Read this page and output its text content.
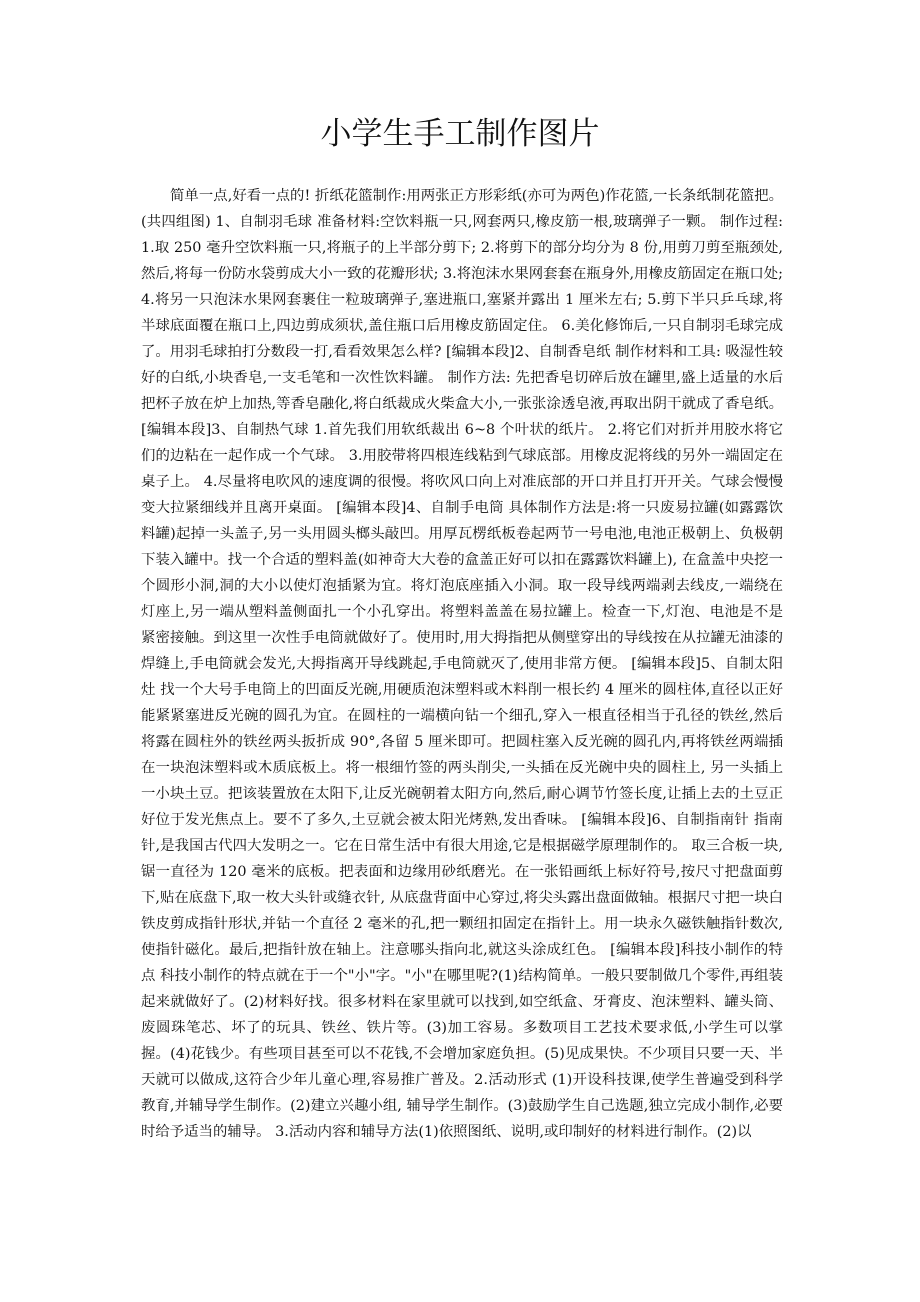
小学生手工制作图片

简单一点,好看一点的! 折纸花篮制作:用两张正方形彩纸(亦可为两色)作花篮,一长条纸制花篮把。 (共四组图) 1、自制羽毛球 准备材料:空饮料瓶一只,网套两只,橡皮筋一根,玻璃弹子一颗。 制作过程: 1.取 250 毫升空饮料瓶一只,将瓶子的上半部分剪下; 2.将剪下的部分均分为 8 份,用剪刀剪至瓶颈处,然后,将每一份防水袋剪成大小一致的花瓣形状; 3.将泡沫水果网套套在瓶身外,用橡皮筋固定在瓶口处; 4.将另一只泡沫水果网套裹住一粒玻璃弹子,塞进瓶口,塞紧并露出 1 厘米左右; 5.剪下半只乒乓球,将半球底面覆在瓶口上,四边剪成须状,盖住瓶口后用橡皮筋固定住。 6.美化修饰后,一只自制羽毛球完成了。用羽毛球拍打分数段一打,看看效果怎么样? [编辑本段]2、自制香皂纸 制作材料和工具: 吸湿性较好的白纸,小块香皂,一支毛笔和一次性饮料罐。 制作方法: 先把香皂切碎后放在罐里,盛上适量的水后把杯子放在炉上加热,等香皂融化,将白纸裁成火柴盒大小,一张张涂透皂液,再取出阴干就成了香皂纸。 [编辑本段]3、自制热气球 1.首先我们用软纸裁出 6~8 个叶状的纸片。 2.将它们对折并用胶水将它们的边粘在一起作成一个气球。 3.用胶带将四根连线粘到气球底部。用橡皮泥将线的另外一端固定在桌子上。 4.尽量将电吹风的速度调的很慢。将吹风口向上对准底部的开口并且打开开关。气球会慢慢变大拉紧细线并且离开桌面。 [编辑本段]4、自制手电筒 具体制作方法是:将一只废易拉罐(如露露饮料罐)起掉一头盖子,另一头用圆头榔头敲凹。用厚瓦楞纸板卷起两节一号电池,电池正极朝上、负极朝下装入罐中。找一个合适的塑料盖(如神奇大大卷的盒盖正好可以扣在露露饮料罐上), 在盒盖中央挖一个圆形小洞,洞的大小以使灯泡插紧为宜。将灯泡底座插入小洞。取一段导线两端剥去线皮,一端绕在灯座上,另一端从塑料盖侧面扎一个小孔穿出。将塑料盖盖在易拉罐上。检查一下,灯泡、电池是不是紧密接触。到这里一次性手电筒就做好了。使用时,用大拇指把从侧壁穿出的导线按在从拉罐无油漆的焊缝上,手电筒就会发光,大拇指离开导线跳起,手电筒就灭了,使用非常方便。 [编辑本段]5、自制太阳灶 找一个大号手电筒上的凹面反光碗,用硬质泡沫塑料或木料削一根长约 4 厘米的圆柱体,直径以正好能紧紧塞进反光碗的圆孔为宜。在圆柱的一端横向钻一个细孔,穿入一根直径相当于孔径的铁丝,然后将露在圆柱外的铁丝两头扳折成 90°,各留 5 厘米即可。把圆柱塞入反光碗的圆孔内,再将铁丝两端插在一块泡沫塑料或木质底板上。将一根细竹签的两头削尖,一头插在反光碗中央的圆柱上, 另一头插上一小块土豆。把该装置放在太阳下,让反光碗朝着太阳方向,然后,耐心调节竹签长度,让插上去的土豆正好位于发光焦点上。要不了多久,土豆就会被太阳光烤熟,发出香味。 [编辑本段]6、自制指南针 指南针,是我国古代四大发明之一。它在日常生活中有很大用途,它是根据磁学原理制作的。 取三合板一块,锯一直径为 120 毫米的底板。把表面和边缘用砂纸磨光。在一张铅画纸上标好符号,按尺寸把盘面剪下,贴在底盘下,取一枚大头针或缝衣针, 从底盘背面中心穿过,将尖头露出盘面做轴。根据尺寸把一块白铁皮剪成指针形状,并钻一个直径 2 毫米的孔,把一颗纽扣固定在指针上。用一块永久磁铁触指针数次,使指针磁化。最后,把指针放在轴上。注意哪头指向北,就这头涂成红色。 [编辑本段]科技小制作的特点 科技小制作的特点就在于一个"小"字。"小"在哪里呢?(1)结构简单。一般只要制做几个零件,再组装起来就做好了。(2)材料好找。很多材料在家里就可以找到,如空纸盒、牙膏皮、泡沫塑料、罐头筒、废圆珠笔芯、坏了的玩具、铁丝、铁片等。(3)加工容易。多数项目工艺技术要求低,小学生可以掌握。(4)花钱少。有些项目甚至可以不花钱,不会增加家庭负担。(5)见成果快。不少项目只要一天、半天就可以做成,这符合少年儿童心理,容易推广普及。2.活动形式 (1)开设科技课,使学生普遍受到科学教育,并辅导学生制作。(2)建立兴趣小组, 辅导学生制作。(3)鼓励学生自己选题,独立完成小制作,必要时给予适当的辅导。 3.活动内容和辅导方法(1)依照图纸、说明,或印制好的材料进行制作。(2)以
